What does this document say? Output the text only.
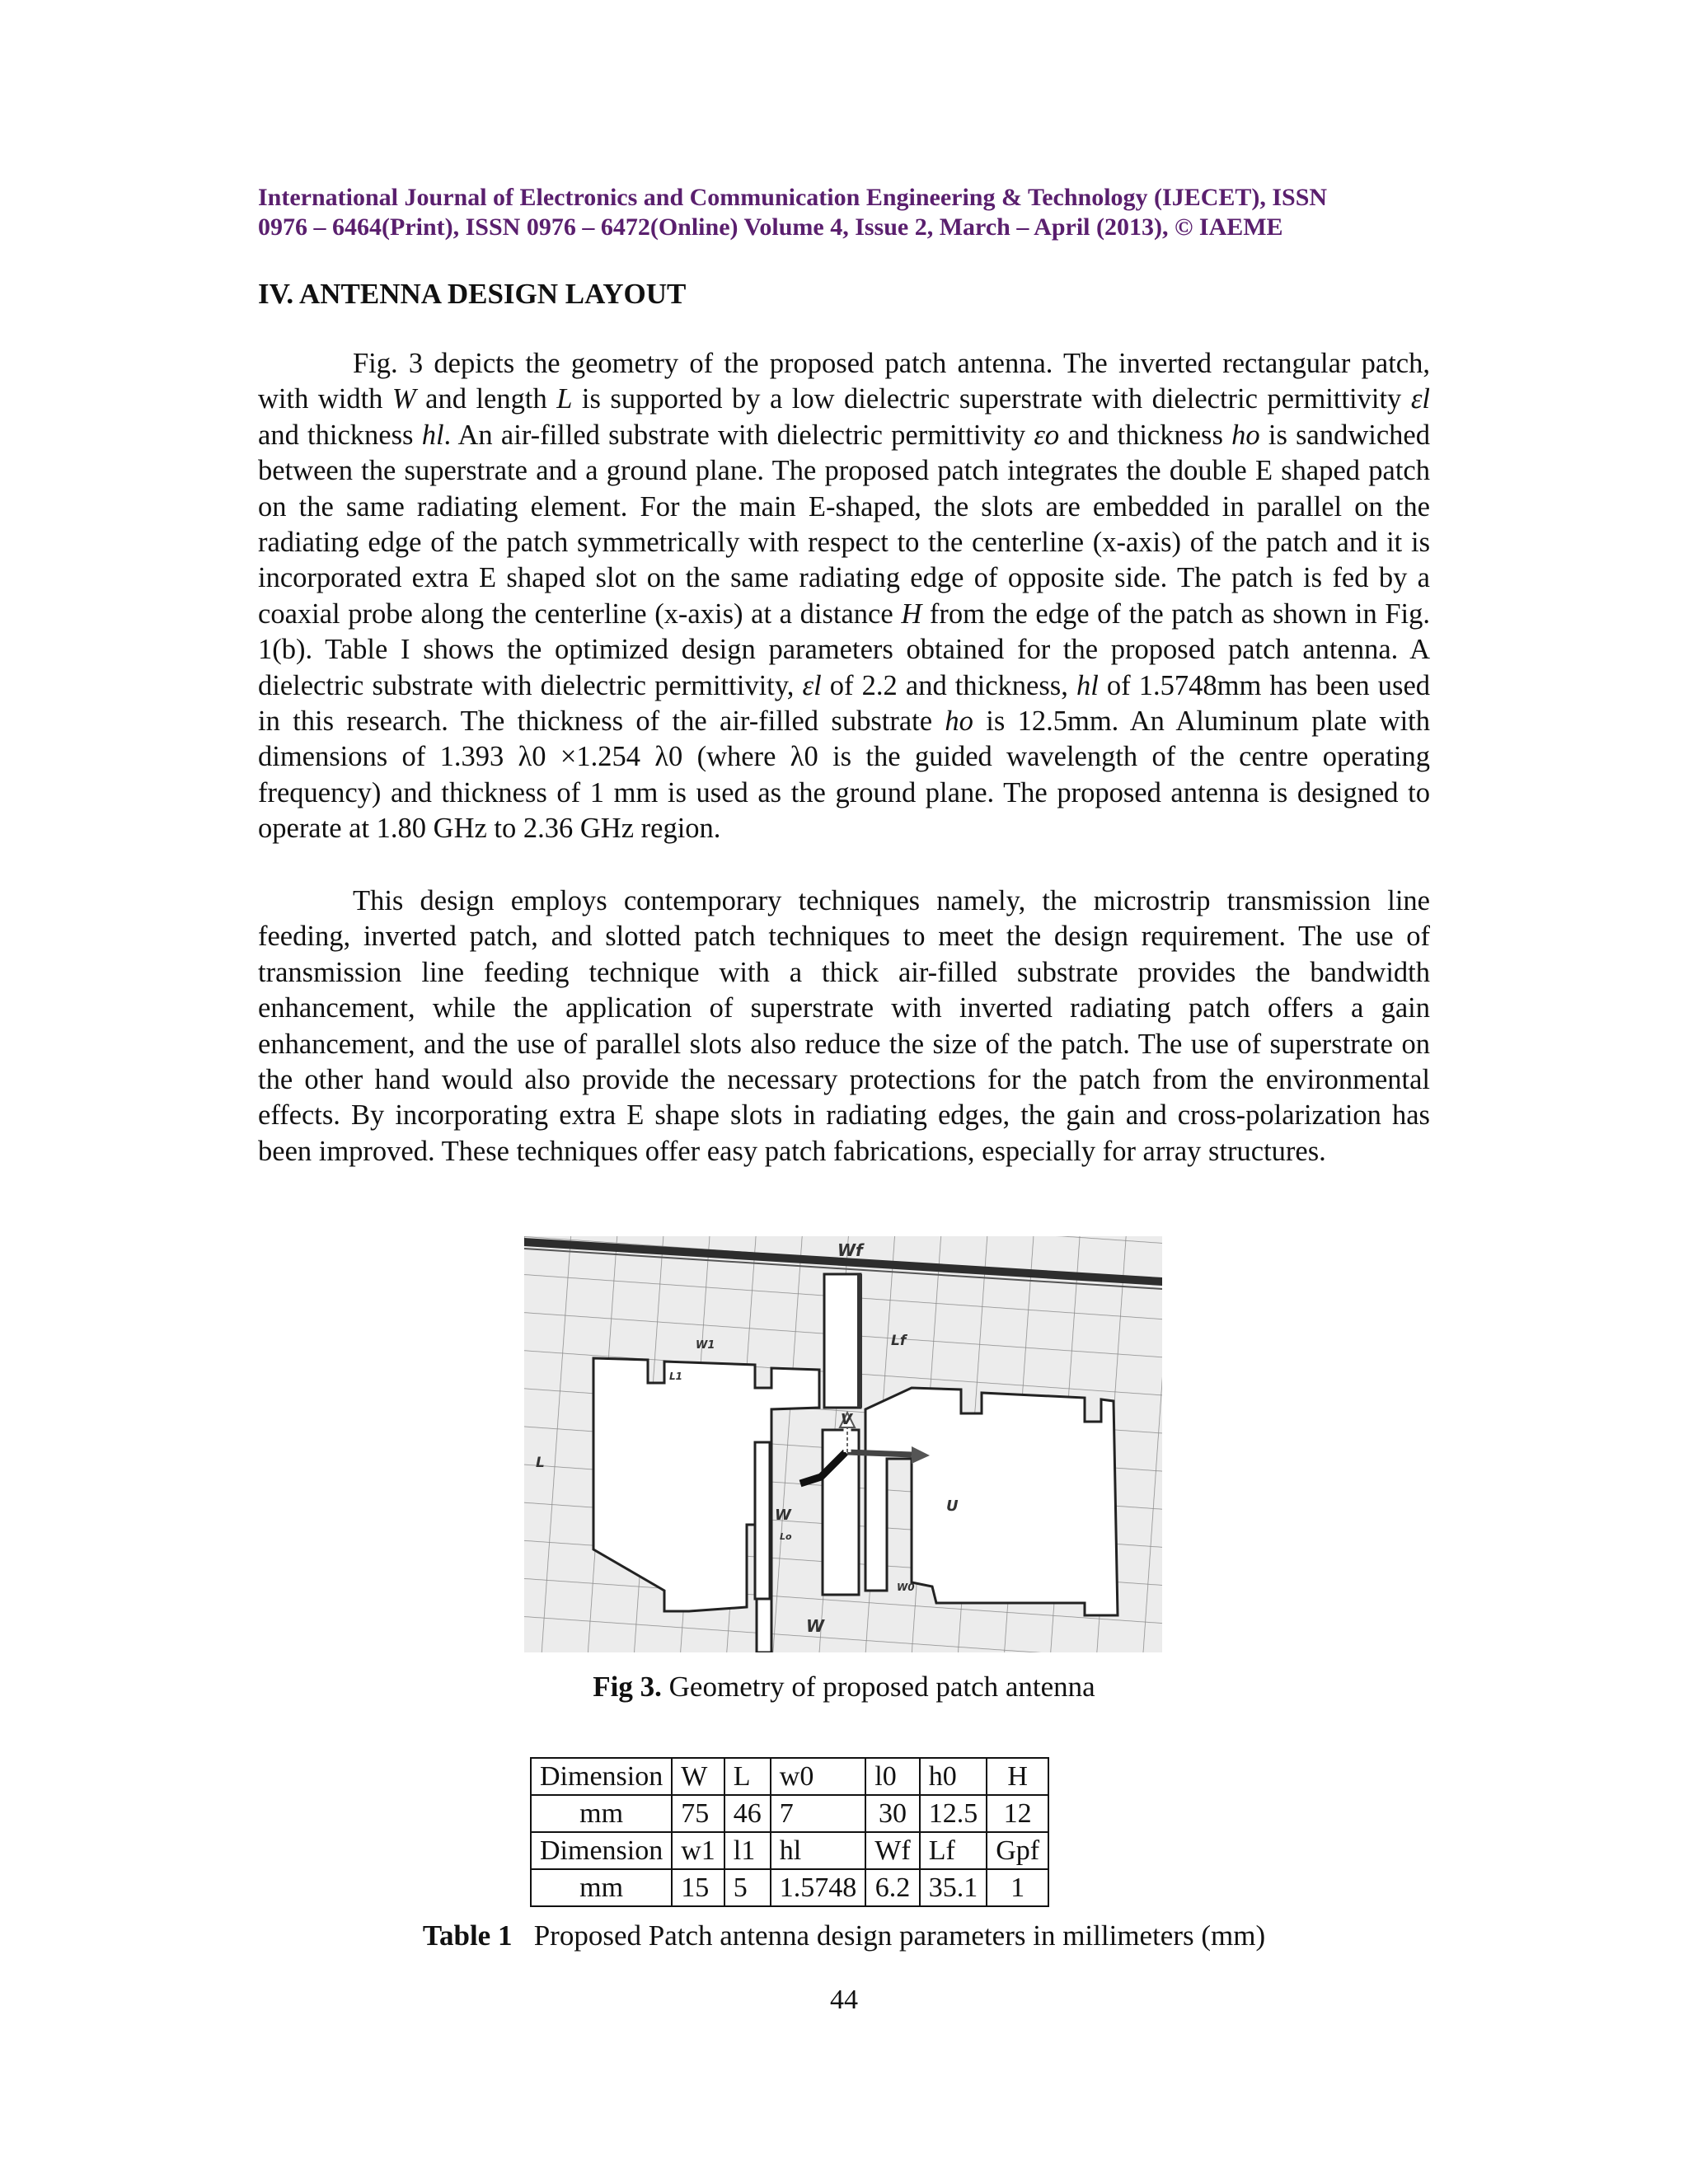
International Journal of Electronics and Communication Engineering & Technology (IJECET), ISSN
0976 – 6464(Print), ISSN 0976 – 6472(Online) Volume 4, Issue 2, March – April (2013), © IAEME
IV. ANTENNA DESIGN LAYOUT

Fig. 3 depicts the geometry of the proposed patch antenna. The inverted rectangular patch, with width W and length L is supported by a low dielectric superstrate with dielectric permittivity εl and thickness hl. An air-filled substrate with dielectric permittivity εo and thickness ho is sandwiched between the superstrate and a ground plane. The proposed patch integrates the double E shaped patch on the same radiating element. For the main E-shaped, the slots are embedded in parallel on the radiating edge of the patch symmetrically with respect to the centerline (x-axis) of the patch and it is incorporated extra E shaped slot on the same radiating edge of opposite side. The patch is fed by a coaxial probe along the centerline (x-axis) at a distance H from the edge of the patch as shown in Fig. 1(b). Table I shows the optimized design parameters obtained for the proposed patch antenna. A dielectric substrate with dielectric permittivity, εl of 2.2 and thickness, hl of 1.5748mm has been used in this research. The thickness of the air-filled substrate ho is 12.5mm. An Aluminum plate with dimensions of 1.393 λ0 ×1.254 λ0 (where λ0 is the guided wavelength of the centre operating frequency) and thickness of 1 mm is used as the ground plane. The proposed antenna is designed to operate at 1.80 GHz to 2.36 GHz region.

This design employs contemporary techniques namely, the microstrip transmission line feeding, inverted patch, and slotted patch techniques to meet the design requirement. The use of transmission line feeding technique with a thick air-filled substrate provides the bandwidth enhancement, while the application of superstrate with inverted radiating patch offers a gain enhancement, and the use of parallel slots also reduce the size of the patch. The use of superstrate on the other hand would also provide the necessary protections for the patch from the environmental effects. By incorporating extra E shape slots in radiating edges, the gain and cross-polarization has been improved. These techniques offer easy patch fabrications, especially for array structures.

Wf
W1	Lf
L1
L
V
U
W
Lo
W0
W
Fig 3. Geometry of proposed patch antenna
Dimension	W	L	w0	l0	h0	H
mm	75	46	7	30	12.5	12
Dimension	w1	l1	hl	Wf	Lf	Gpf
mm	15	5	1.5748	6.2	35.1	1
Table 1   Proposed Patch antenna design parameters in millimeters (mm)
44
